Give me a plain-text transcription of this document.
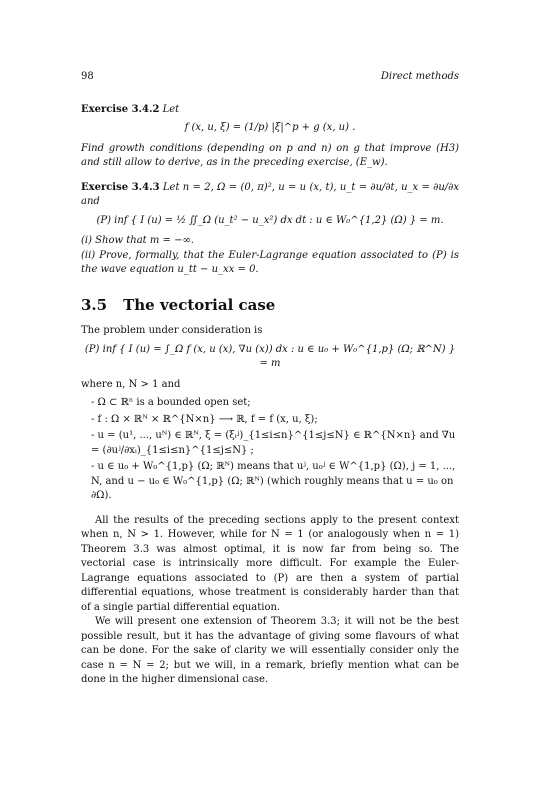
98	Direct methods
Exercise 3.4.2 Let
f (x, u, ξ) = (1/p) |ξ|^p + g (x, u) .

Find growth conditions (depending on p and n) on g that improve (H3) and still allow to derive, as in the preceding exercise, (E_w).

Exercise 3.4.3 Let n = 2, Ω = (0, π)², u = u (x, t), u_t = ∂u/∂t, u_x = ∂u/∂x and

(P) inf { I (u) = ½ ∬_Ω (u_t² − u_x²) dx dt : u ∈ W₀^{1,2} (Ω) } = m.

(i) Show that m = −∞.

(ii) Prove, formally, that the Euler-Lagrange equation associated to (P) is the wave equation u_tt − u_xx = 0.

3.5 The vectorial case

The problem under consideration is

(P) inf { I (u) = ∫_Ω f (x, u (x), ∇u (x)) dx : u ∈ u₀ + W₀^{1,p} (Ω; ℝ^N) } = m

where n, N > 1 and

- Ω ⊂ ℝⁿ is a bounded open set;
- f : Ω × ℝᴺ × ℝ^{N×n} ⟶ ℝ, f = f (x, u, ξ);
- u = (u¹, ..., uᴺ) ∈ ℝᴺ, ξ = (ξᵢʲ)_{1≤i≤n}^{1≤j≤N} ∈ ℝ^{N×n} and ∇u = (∂uʲ/∂xᵢ)_{1≤i≤n}^{1≤j≤N} ;
- u ∈ u₀ + W₀^{1,p} (Ω; ℝᴺ) means that uʲ, u₀ʲ ∈ W^{1,p} (Ω), j = 1, ..., N, and u − u₀ ∈ W₀^{1,p} (Ω; ℝᴺ) (which roughly means that u = u₀ on ∂Ω).

All the results of the preceding sections apply to the present context when n, N > 1. However, while for N = 1 (or analogously when n = 1) Theorem 3.3 was almost optimal, it is now far from being so. The vectorial case is intrinsically more difficult. For example the Euler-Lagrange equations associated to (P) are then a system of partial differential equations, whose treatment is considerably harder than that of a single partial differential equation.

We will present one extension of Theorem 3.3; it will not be the best possible result, but it has the advantage of giving some flavours of what can be done. For the sake of clarity we will essentially consider only the case n = N = 2; but we will, in a remark, briefly mention what can be done in the higher dimensional case.
